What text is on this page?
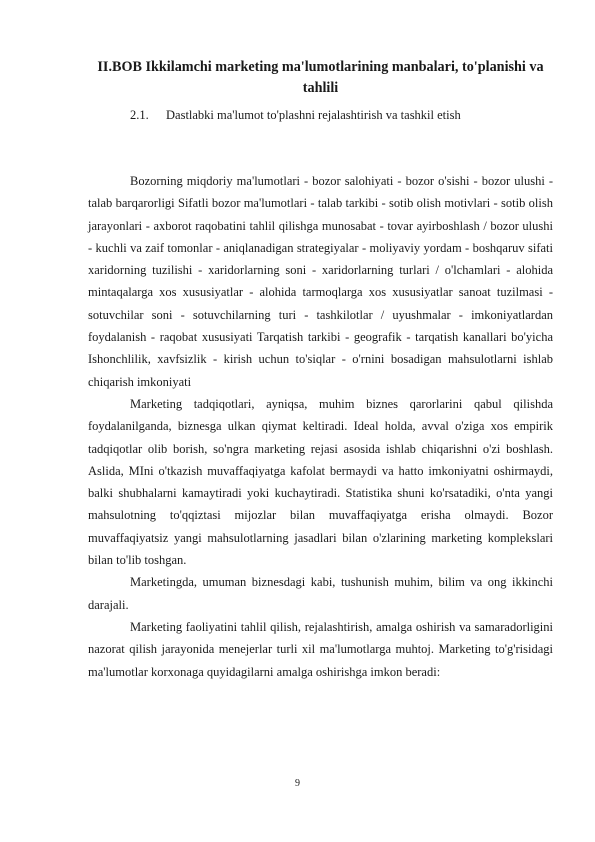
II.BOB Ikkilamchi marketing ma'lumotlarining manbalari, to'planishi va tahlili
2.1. Dastlabki ma'lumot to'plashni rejalashtirish va tashkil etish

Bozorning miqdoriy ma'lumotlari - bozor salohiyati - bozor o'sishi - bozor ulushi - talab barqarorligi Sifatli bozor ma'lumotlari - talab tarkibi - sotib olish motivlari - sotib olish jarayonlari - axborot raqobatini tahlil qilishga munosabat - tovar ayirboshlash / bozor ulushi - kuchli va zaif tomonlar - aniqlanadigan strategiyalar - moliyaviy yordam - boshqaruv sifati xaridorning tuzilishi - xaridorlarning soni - xaridorlarning turlari / o'lchamlari - alohida mintaqalarga xos xususiyatlar - alohida tarmoqlarga xos xususiyatlar sanoat tuzilmasi - sotuvchilar soni - sotuvchilarning turi - tashkilotlar / uyushmalar - imkoniyatlardan foydalanish - raqobat xususiyati Tarqatish tarkibi - geografik - tarqatish kanallari bo'yicha Ishonchlilik, xavfsizlik - kirish uchun to'siqlar - o'rnini bosadigan mahsulotlarni ishlab chiqarish imkoniyati

Marketing tadqiqotlari, ayniqsa, muhim biznes qarorlarini qabul qilishda foydalanilganda, biznesga ulkan qiymat keltiradi. Ideal holda, avval o'ziga xos empirik tadqiqotlar olib borish, so'ngra marketing rejasi asosida ishlab chiqarishni o'zi boshlash. Aslida, MIni o'tkazish muvaffaqiyatga kafolat bermaydi va hatto imkoniyatni oshirmaydi, balki shubhalarni kamaytiradi yoki kuchaytiradi. Statistika shuni ko'rsatadiki, o'nta yangi mahsulotning to'qqiztasi mijozlar bilan muvaffaqiyatga erisha olmaydi. Bozor muvaffaqiyatsiz yangi mahsulotlarning jasadlari bilan o'zlarining marketing komplekslari bilan to'lib toshgan.

Marketingda, umuman biznesdagi kabi, tushunish muhim, bilim va ong ikkinchi darajali.

Marketing faoliyatini tahlil qilish, rejalashtirish, amalga oshirish va samaradorligini nazorat qilish jarayonida menejerlar turli xil ma'lumotlarga muhtoj. Marketing to'g'risidagi ma'lumotlar korxonaga quyidagilarni amalga oshirishga imkon beradi:

9
